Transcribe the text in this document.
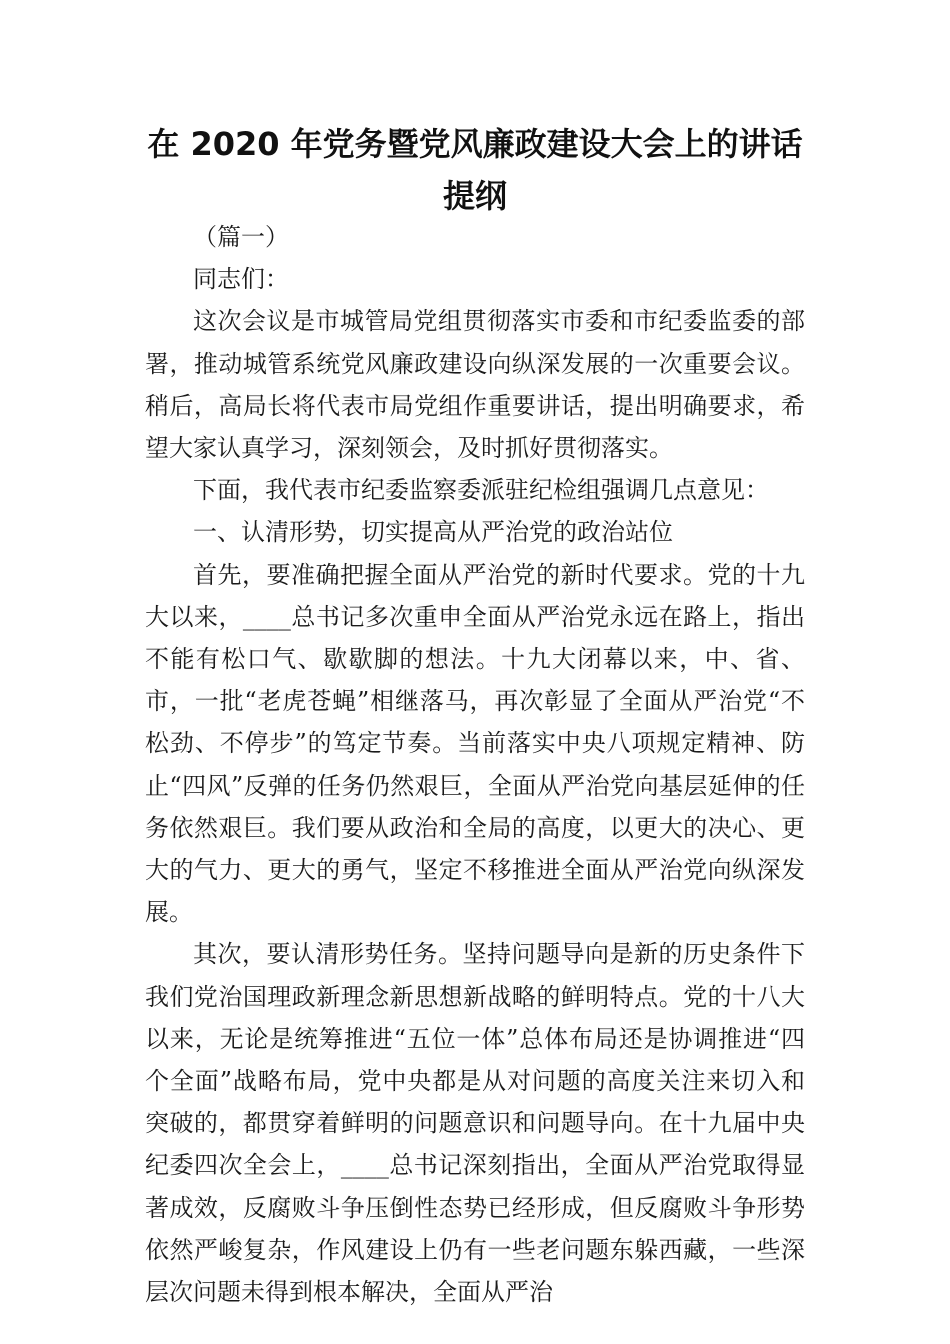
在 2020 年党务暨党风廉政建设大会上的讲话
提纲

（篇一）

同志们：

这次会议是市城管局党组贯彻落实市委和市纪委监委的部署，推动城管系统党风廉政建设向纵深发展的一次重要会议。稍后，高局长将代表市局党组作重要讲话，提出明确要求，希望大家认真学习，深刻领会，及时抓好贯彻落实。

下面，我代表市纪委监察委派驻纪检组强调几点意见：

一、认清形势，切实提高从严治党的政治站位

首先，要准确把握全面从严治党的新时代要求。党的十九大以来，____总书记多次重申全面从严治党永远在路上，指出不能有松口气、歇歇脚的想法。十九大闭幕以来，中、省、市，一批“老虎苍蝇”相继落马，再次彰显了全面从严治党“不松劲、不停步”的笃定节奏。当前落实中央八项规定精神、防止“四风”反弹的任务仍然艰巨，全面从严治党向基层延伸的任务依然艰巨。我们要从政治和全局的高度，以更大的决心、更大的气力、更大的勇气，坚定不移推进全面从严治党向纵深发展。

其次，要认清形势任务。坚持问题导向是新的历史条件下我们党治国理政新理念新思想新战略的鲜明特点。党的十八大以来，无论是统筹推进“五位一体”总体布局还是协调推进“四个全面”战略布局，党中央都是从对问题的高度关注来切入和突破的，都贯穿着鲜明的问题意识和问题导向。在十九届中央纪委四次全会上，____总书记深刻指出，全面从严治党取得显著成效，反腐败斗争压倒性态势已经形成，但反腐败斗争形势依然严峻复杂，作风建设上仍有一些老问题东躲西藏，一些深层次问题未得到根本解决，全面从严治
